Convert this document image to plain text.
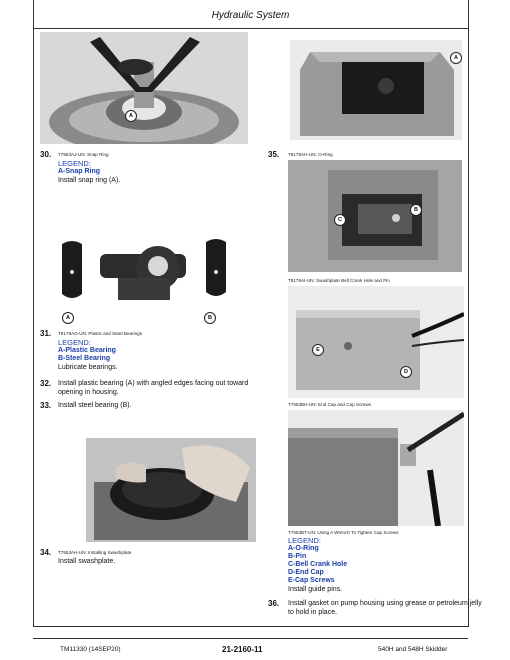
Hydraulic System
A
30. T7553AJ-UN: Snap Ring
LEGEND:
A-Snap Ring
Install snap ring (A).
A	B
31. T8179AG-UN: Plastic and Steel Bearings
LEGEND:
A-Plastic Bearing
B-Steel Bearing
Lubricate bearings.
32. Install plastic bearing (A) with angled edges facing out toward
opening in housing.
33. Install steel bearing (B).
34. T7553AH-UN: Installing Swashplate
Install swashplate.
A
35. T8179AH-UN: O-Ring
B
C
T8179AI-UN: Swashplate Bell Crank Hole and Pin
E
D
T7553BH-UN: End Cap and Cap Screws
T7553BT-UN: Using A Wrench To Tighten Cap Screws
LEGEND:
A-O-Ring
B-Pin
C-Bell Crank Hole
D-End Cap
E-Cap Screws
Install guide pins.
36. Install gasket on pump housing using grease or petroleum jelly
to hold in place.
TM11330 (14SEP20)	21-2160-11	540H and 548H Skidder
